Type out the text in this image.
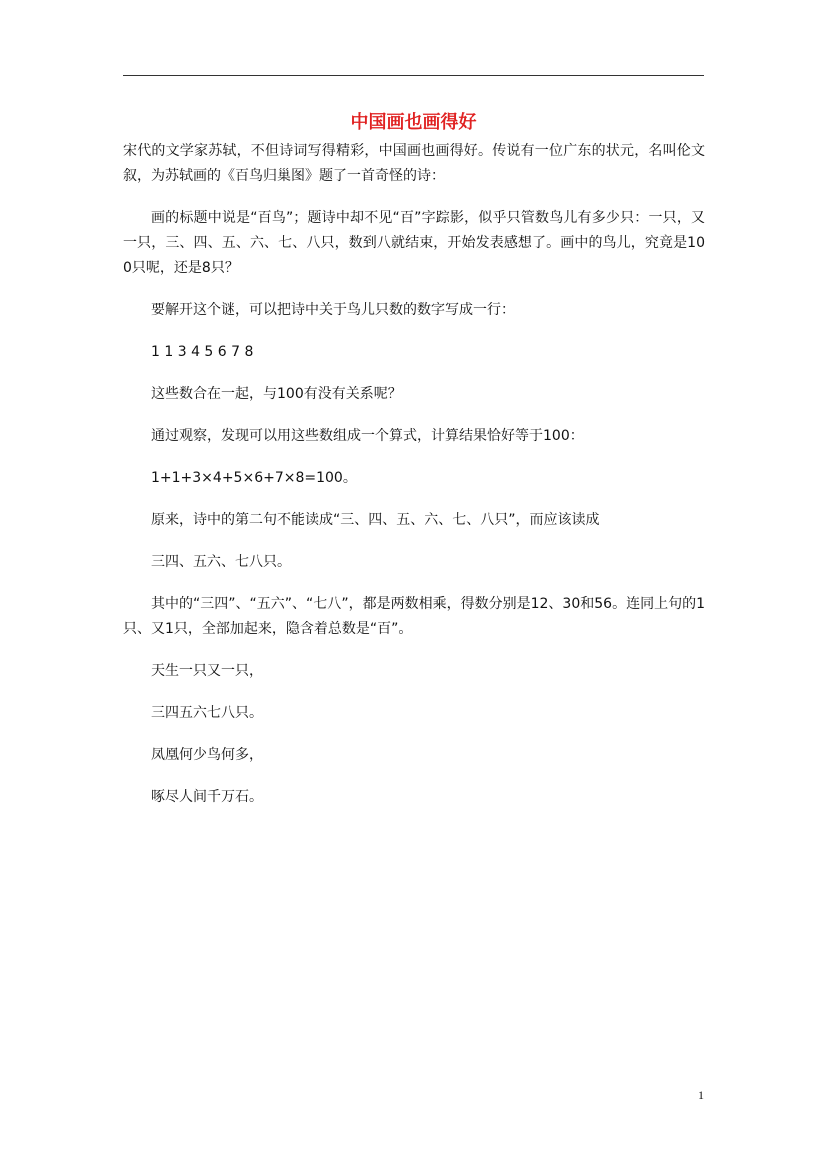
中国画也画得好

宋代的文学家苏轼，不但诗词写得精彩，中国画也画得好。传说有一位广东的状元，名叫伦文叙，为苏轼画的《百鸟归巢图》题了一首奇怪的诗：

画的标题中说是“百鸟”；题诗中却不见“百”字踪影，似乎只管数鸟儿有多少只：一只，又一只，三、四、五、六、七、八只，数到八就结束，开始发表感想了。画中的鸟儿，究竟是100只呢，还是8只？

要解开这个谜，可以把诗中关于鸟儿只数的数字写成一行：

1 1 3 4 5 6 7 8

这些数合在一起，与100有没有关系呢？

通过观察，发现可以用这些数组成一个算式，计算结果恰好等于100：

1+1+3×4+5×6+7×8=100。

原来，诗中的第二句不能读成“三、四、五、六、七、八只”，而应该读成

三四、五六、七八只。

其中的“三四”、“五六”、“七八”，都是两数相乘，得数分别是12、30和56。连同上句的1只、又1只，全部加起来，隐含着总数是“百”。

天生一只又一只，

三四五六七八只。

凤凰何少鸟何多，

啄尽人间千万石。

1
